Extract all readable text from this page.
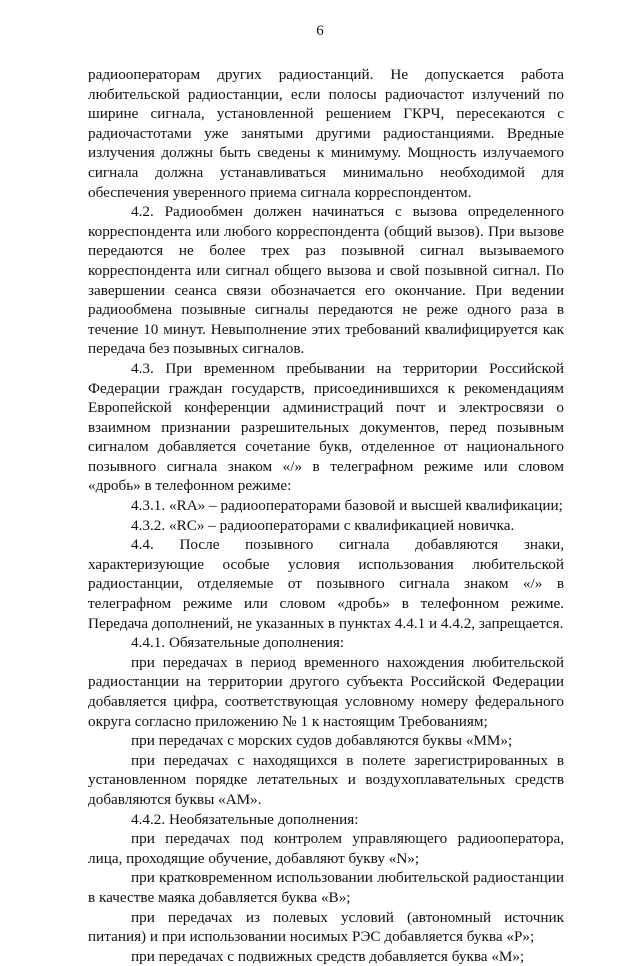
6

радиооператорам других радиостанций. Не допускается работа любительской радиостанции, если полосы радиочастот излучений по ширине сигнала, установленной решением ГКРЧ, пересекаются с радиочастотами уже занятыми другими радиостанциями. Вредные излучения должны быть сведены к минимуму. Мощность излучаемого сигнала должна устанавливаться минимально необходимой для обеспечения уверенного приема сигнала корреспондентом.

4.2. Радиообмен должен начинаться с вызова определенного корреспондента или любого корреспондента (общий вызов). При вызове передаются не более трех раз позывной сигнал вызываемого корреспондента или сигнал общего вызова и свой позывной сигнал. По завершении сеанса связи обозначается его окончание. При ведении радиообмена позывные сигналы передаются не реже одного раза в течение 10 минут. Невыполнение этих требований квалифицируется как передача без позывных сигналов.

4.3. При временном пребывании на территории Российской Федерации граждан государств, присоединившихся к рекомендациям Европейской конференции администраций почт и электросвязи о взаимном признании разрешительных документов, перед позывным сигналом добавляется сочетание букв, отделенное от национального позывного сигнала знаком «/» в телеграфном режиме или словом «дробь» в телефонном режиме:

4.3.1. «RA» – радиооператорами базовой и высшей квалификации;

4.3.2. «RC» – радиооператорами с квалификацией новичка.

4.4. После позывного сигнала добавляются знаки, характеризующие особые условия использования любительской радиостанции, отделяемые от позывного сигнала знаком «/» в телеграфном режиме или словом «дробь» в телефонном режиме. Передача дополнений, не указанных в пунктах 4.4.1 и 4.4.2, запрещается.

4.4.1. Обязательные дополнения:

при передачах в период временного нахождения любительской радиостанции на территории другого субъекта Российской Федерации добавляется цифра, соответствующая условному номеру федерального округа согласно приложению № 1 к настоящим Требованиям;

при передачах с морских судов добавляются буквы «MM»;

при передачах с находящихся в полете зарегистрированных в установленном порядке летательных и воздухоплавательных средств добавляются буквы «AM».

4.4.2. Необязательные дополнения:

при передачах под контролем управляющего радиооператора, лица, проходящие обучение, добавляют букву «N»;

при кратковременном использовании любительской радиостанции в качестве маяка добавляется буква «B»;

при передачах из полевых условий (автономный источник питания) и при использовании носимых РЭС добавляется буква «P»;

при передачах с подвижных средств добавляется буква «M»;
